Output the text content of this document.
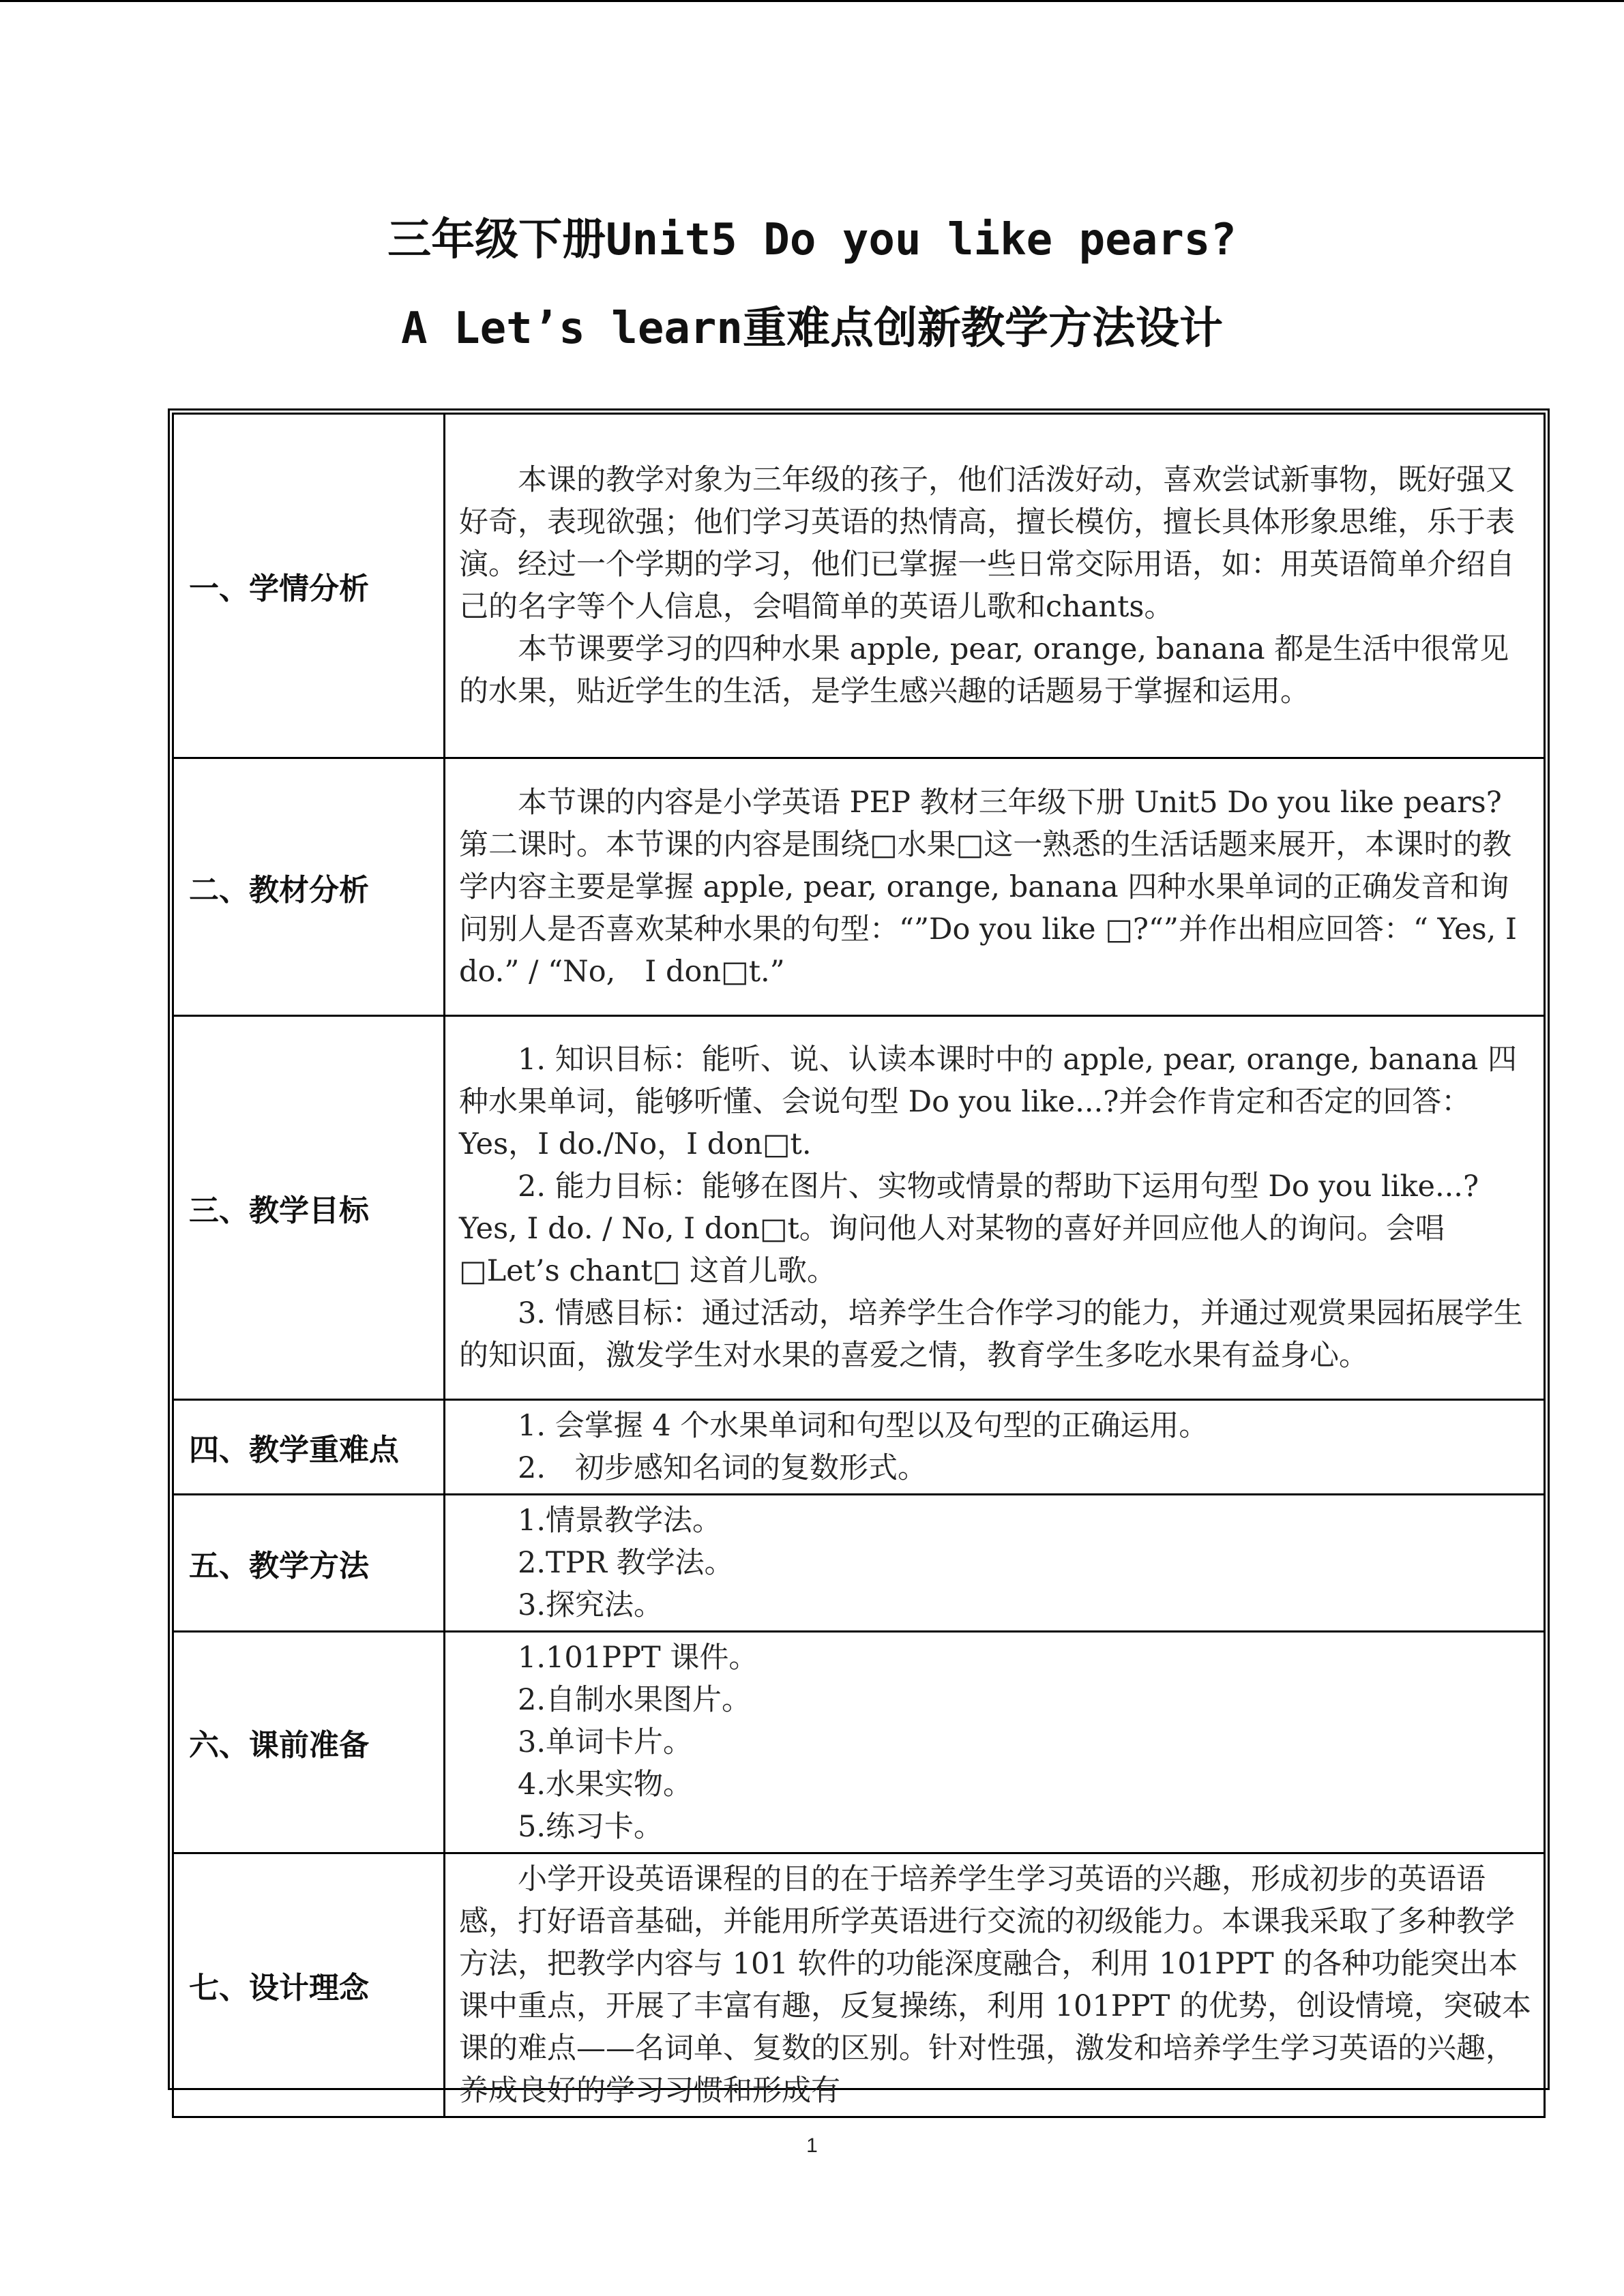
三年级下册Unit5 Do you like pears?
A Let’s learn重难点创新教学方法设计
一、学情分析	本课的教学对象为三年级的孩子，他们活泼好动，喜欢尝试新事物，既好强又好奇，表现欲强；他们学习英语的热情高，擅长模仿，擅长具体形象思维，乐于表演。经过一个学期的学习，他们已掌握一些日常交际用语，如：用英语简单介绍自己的名字等个人信息，会唱简单的英语儿歌和chants。

本节课要学习的四种水果 apple, pear, orange, banana 都是生活中很常见的水果，贴近学生的生活，是学生感兴趣的话题易于掌握和运用。

二、教材分析	本节课的内容是小学英语 PEP 教材三年级下册 Unit5 Do you like pears? 第二课时。本节课的内容是围绕□水果□这一熟悉的生活话题来展开，本课时的教学内容主要是掌握 apple, pear, orange, banana 四种水果单词的正确发音和询问别人是否喜欢某种水果的句型：“”Do you like □?“”并作出相应回答：“ Yes, I do.” / “No,　I don□t.”

三、教学目标	1. 知识目标：能听、说、认读本课时中的 apple, pear, orange, banana 四种水果单词，能够听懂、会说句型 Do you like...?并会作肯定和否定的回答：Yes，I do./No，I don□t.

2. 能力目标：能够在图片、实物或情景的帮助下运用句型 Do you like...?Yes, I do. / No, I don□t。询问他人对某物的喜好并回应他人的询问。会唱 □Let’s chant□ 这首儿歌。

3. 情感目标：通过活动，培养学生合作学习的能力，并通过观赏果园拓展学生的知识面，激发学生对水果的喜爱之情，教育学生多吃水果有益身心。

四、教学重难点	1. 会掌握 4 个水果单词和句型以及句型的正确运用。

2.　初步感知名词的复数形式。

五、教学方法	1.情景教学法。

2.TPR 教学法。

3.探究法。

六、课前准备	1.101PPT 课件。

2.自制水果图片。

3.单词卡片。

4.水果实物。

5.练习卡。

七、设计理念	小学开设英语课程的目的在于培养学生学习英语的兴趣，形成初步的英语语感，打好语音基础，并能用所学英语进行交流的初级能力。本课我采取了多种教学方法，把教学内容与 101 软件的功能深度融合，利用 101PPT 的各种功能突出本课中重点，开展了丰富有趣，反复操练，利用 101PPT 的优势，创设情境，突破本课的难点——名词单、复数的区别。针对性强，激发和培养学生学习英语的兴趣，养成良好的学习习惯和形成有

1
